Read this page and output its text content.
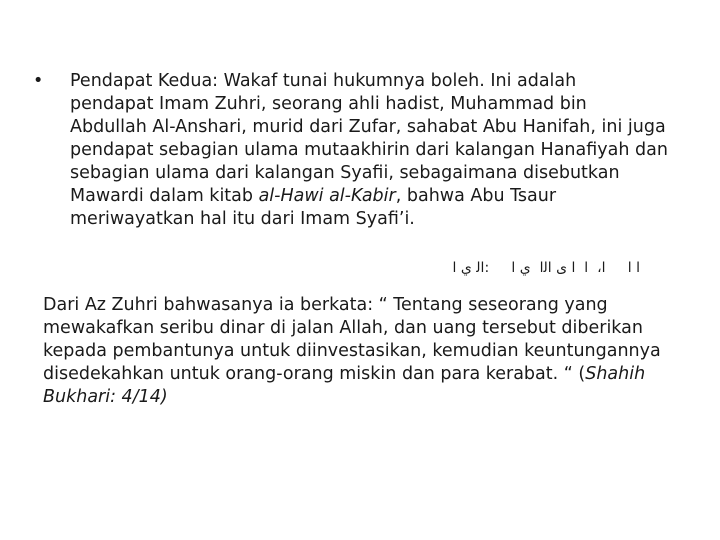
•	Pendapat Kedua: Wakaf tunai hukumnya boleh. Ini adalah
pendapat Imam Zuhri, seorang ahli hadist, Muhammad bin
Abdullah Al-Anshari, murid dari Zufar, sahabat Abu Hanifah, ini juga
pendapat sebagian ulama mutaakhirin dari kalangan Hanafiyah dan
sebagian ulama dari kalangan Syafii, sebagaimana disebutkan
Mawardi dalam kitab al-Hawi al-Kabir, bahwa Abu Tsaur
meriwayatkan hal itu dari Imam Syafi’i.
ﺍ ﺍ     ﺍ،  ﺍ  ﺍ ﻯ ﺍﻟﺍ  ﻱ ﺍ     :ﺍﻟ ﻱ ﺍ
Dari Az Zuhri bahwasanya ia berkata: “ Tentang seseorang yang
mewakafkan seribu dinar di jalan Allah, dan uang tersebut diberikan
kepada pembantunya untuk diinvestasikan, kemudian keuntungannya
disedekahkan untuk orang-orang miskin dan para kerabat. “ (Shahih
Bukhari: 4/14)
